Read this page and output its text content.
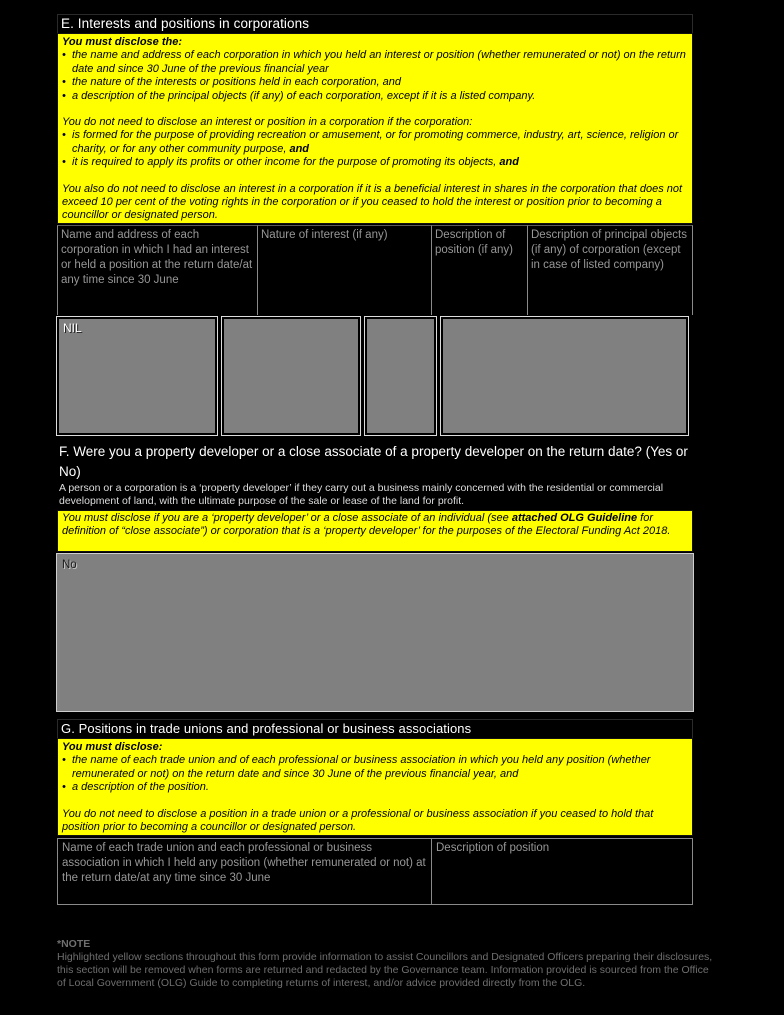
E. Interests and positions in corporations
You must disclose the:
• the name and address of each corporation in which you held an interest or position (whether remunerated or not) on the return date and since 30 June of the previous financial year
• the nature of the interests or positions held in each corporation, and
• a description of the principal objects (if any) of each corporation, except if it is a listed company.
You do not need to disclose an interest or position in a corporation if the corporation:
• is formed for the purpose of providing recreation or amusement, or for promoting commerce, industry, art, science, religion or charity, or for any other community purpose, and
• it is required to apply its profits or other income for the purpose of promoting its objects, and
You also do not need to disclose an interest in a corporation if it is a beneficial interest in shares in the corporation that does not exceed 10 per cent of the voting rights in the corporation or if you ceased to hold the interest or position prior to becoming a councillor or designated person.
Name and address of each corporation in which I had an interest or held a position at the return date/at any time since 30 June
Nature of interest (if any)	Description of position (if any)
Description of principal objects (if any) of corporation (except in case of listed company)
NIL
F. Were you a property developer or a close associate of a property developer on the return date? (Yes or No)
A person or a corporation is a ‘property developer’ if they carry out a business mainly concerned with the residential or commercial development of land, with the ultimate purpose of the sale or lease of the land for profit.
You must disclose if you are a ‘property developer’ or a close associate of an individual (see attached OLG Guideline for definition of “close associate”) or corporation that is a ‘property developer’ for the purposes of the Electoral Funding Act 2018.
No
G. Positions in trade unions and professional or business associations
You must disclose:
• the name of each trade union and of each professional or business association in which you held any position (whether remunerated or not) on the return date and since 30 June of the previous financial year, and
• a description of the position.
You do not need to disclose a position in a trade union or a professional or business association if you ceased to hold that position prior to becoming a councillor or designated person.
Name of each trade union and each professional or business association in which I held any position (whether remunerated or not) at the return date/at any time since 30 June
Description of position
*NOTE
Highlighted yellow sections throughout this form provide information to assist Councillors and Designated Officers preparing their disclosures, this section will be removed when forms are returned and redacted by the Governance team. Information provided is sourced from the Office of Local Government (OLG) Guide to completing returns of interest, and/or advice provided directly from the OLG.
